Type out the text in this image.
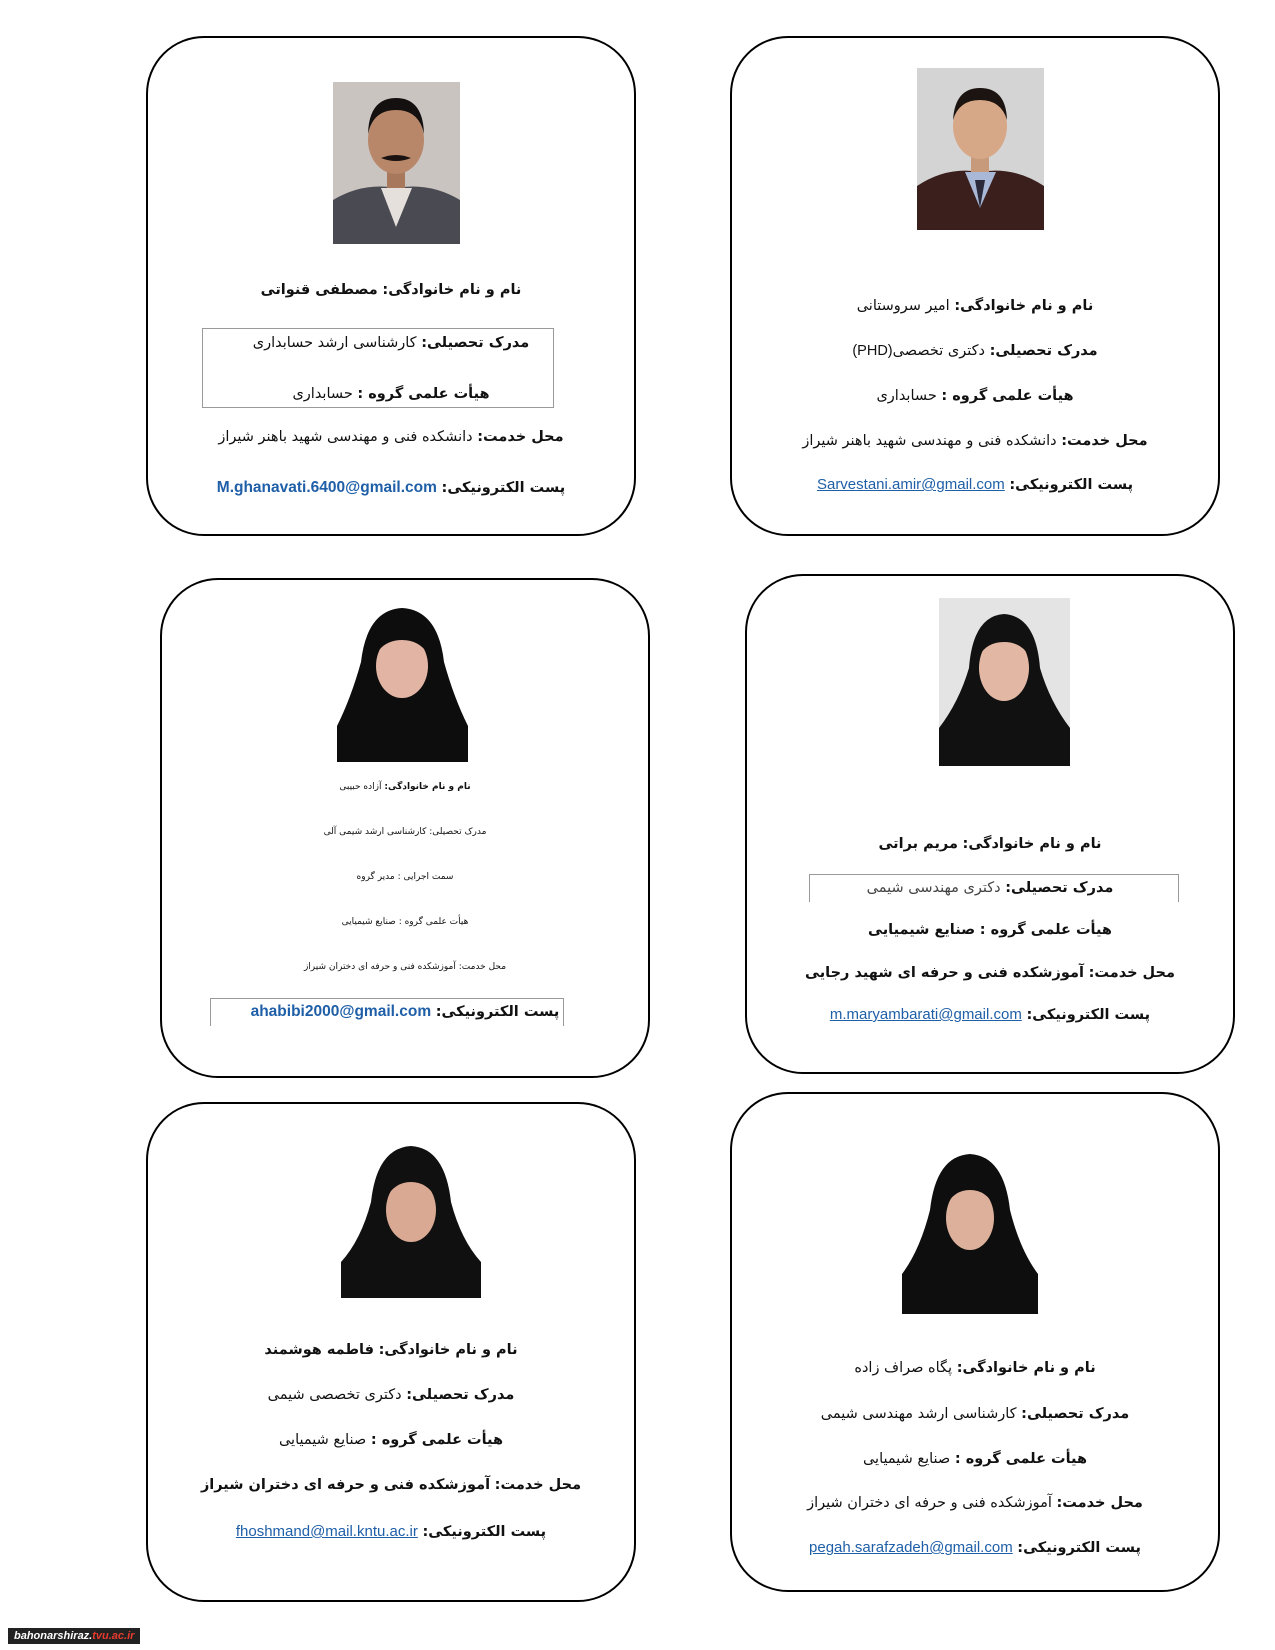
نام و نام خانوادگی: امیر سروستانی
مدرک تحصیلی: دکتری تخصصی(PHD)
هیأت علمی گروه : حسابداری
محل خدمت: دانشکده فنی و مهندسی شهید باهنر شیراز
پست الکترونیکی: Sarvestani.amir@gmail.com
نام و نام خانوادگی: مصطفی قنواتی
مدرک تحصیلی: کارشناسی ارشد حسابداری
هیأت علمی گروه : حسابداری
محل خدمت: دانشکده فنی و مهندسی شهید باهنر شیراز
پست الکترونیکی: M.ghanavati.6400@gmail.com
نام و نام خانوادگی: مریم براتی
مدرک تحصیلی: دکتری مهندسی شیمی
هیأت علمی گروه : صنایع شیمیایی
محل خدمت: آموزشکده فنی و حرفه ای شهید رجایی
پست الکترونیکی: m.maryambarati@gmail.com
نام و نام خانوادگی: آزاده حبیبی
مدرک تحصیلی: کارشناسی ارشد شیمی آلی
سمت اجرایی : مدیر گروه
هیأت علمی گروه : صنایع شیمیایی
محل خدمت: آموزشکده فنی و حرفه ای دختران شیراز
پست الکترونیکی: ahabibi2000@gmail.com
نام و نام خانوادگی: پگاه صراف زاده
مدرک تحصیلی: کارشناسی ارشد مهندسی شیمی
هیأت علمی گروه : صنایع شیمیایی
محل خدمت: آموزشکده فنی و حرفه ای دختران شیراز
پست الکترونیکی: pegah.sarafzadeh@gmail.com
نام و نام خانوادگی: فاطمه هوشمند
مدرک تحصیلی: دکتری تخصصی شیمی
هیأت علمی گروه : صنایع شیمیایی
محل خدمت: آموزشکده فنی و حرفه ای دختران شیراز
پست الکترونیکی: fhoshmand@mail.kntu.ac.ir
bahonarshiraz.tvu.ac.ir
